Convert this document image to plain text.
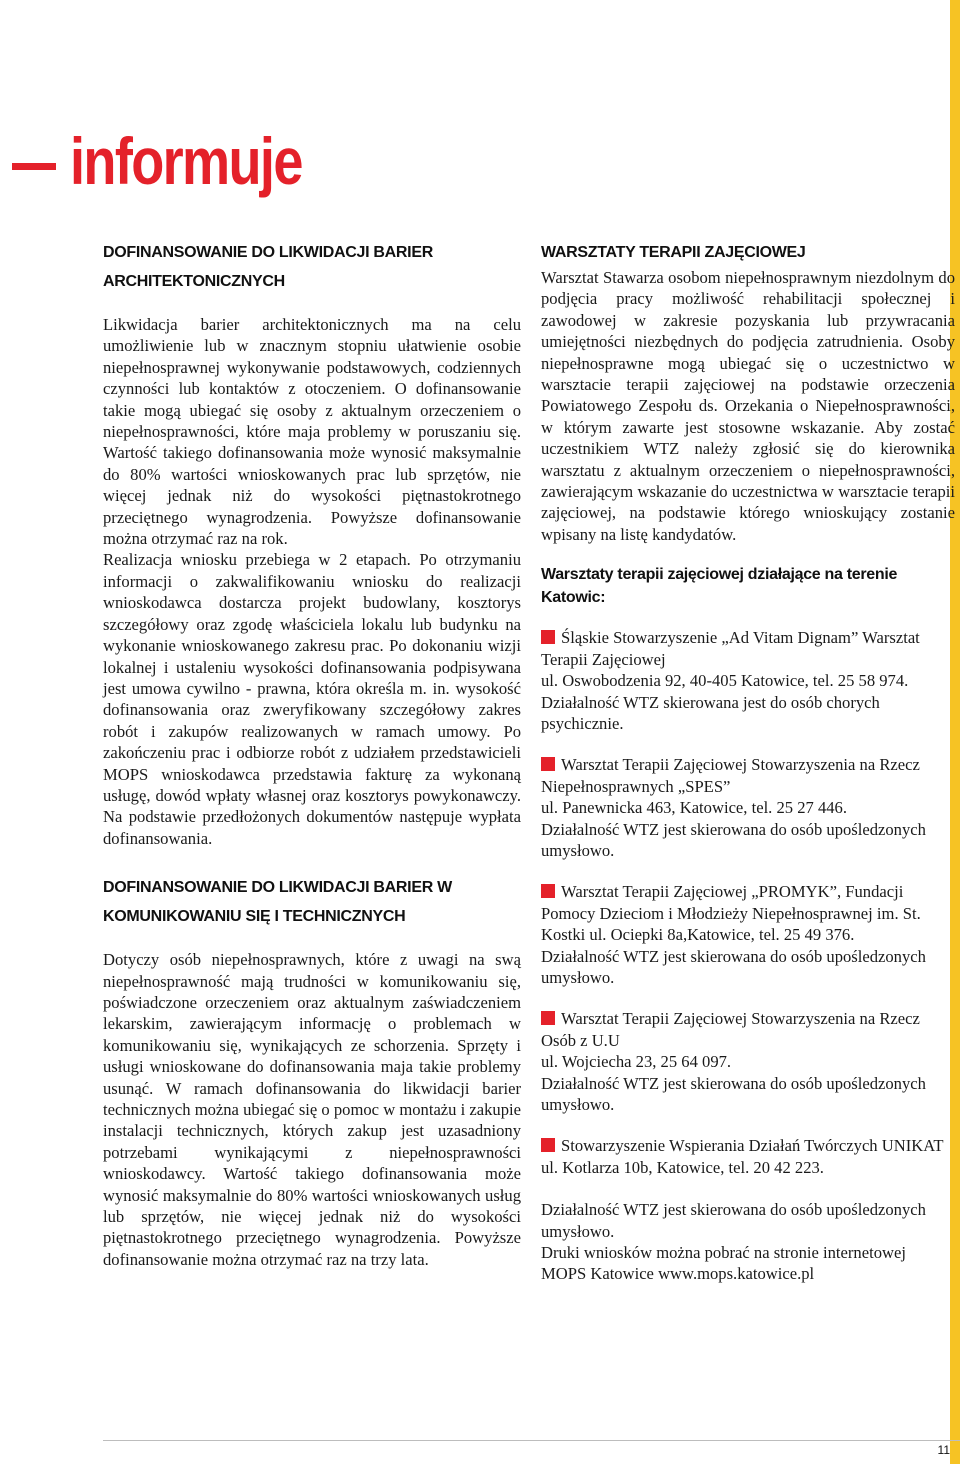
informuje
DOFINANSOWANIE DO LIKWIDACJI BARIER ARCHITEKTONICZNYCH

Likwidacja barier architektonicznych ma na celu umożliwienie lub w znacznym stopniu ułatwienie osobie niepełnosprawnej wykonywanie podstawowych, codziennych czynności lub kontaktów z otoczeniem. O dofinansowanie takie mogą ubiegać się osoby z aktualnym orzeczeniem o niepełnosprawności, które maja problemy w poruszaniu się. Wartość takiego dofinansowania może wynosić maksymalnie do 80% wartości wnioskowanych prac lub sprzętów, nie więcej jednak niż do wysokości piętnastokrotnego przeciętnego wynagrodzenia. Powyższe dofinansowanie można otrzymać raz na rok.

Realizacja wniosku przebiega w 2 etapach. Po otrzymaniu informacji o zakwalifikowaniu wniosku do realizacji wnioskodawca dostarcza projekt budowlany, kosztorys szczegółowy oraz zgodę właściciela lokalu lub budynku na wykonanie wnioskowanego zakresu prac. Po dokonaniu wizji lokalnej i ustaleniu wysokości dofinansowania podpisywana jest umowa cywilno - prawna, która określa m. in. wysokość dofinansowania oraz zweryfikowany szczegółowy zakres robót i zakupów realizowanych w ramach umowy. Po zakończeniu prac i odbiorze robót z udziałem przedstawicieli MOPS wnioskodawca przedstawia fakturę za wykonaną usługę, dowód wpłaty własnej oraz kosztorys powykonawczy. Na podstawie przedłożonych dokumentów następuje wypłata dofinansowania.

DOFINANSOWANIE DO LIKWIDACJI BARIER W KOMUNIKOWANIU SIĘ I TECHNICZNYCH

Dotyczy osób niepełnosprawnych, które z uwagi na swą niepełnosprawność mają trudności w komunikowaniu się, poświadczone orzeczeniem oraz aktualnym zaświadczeniem lekarskim, zawierającym informację o problemach w komunikowaniu się, wynikających ze schorzenia. Sprzęty i usługi wnioskowane do dofinansowania maja takie problemy usunąć. W ramach dofinansowania do likwidacji barier technicznych można ubiegać się o pomoc w montażu i zakupie instalacji technicznych, których zakup jest uzasadniony potrzebami wynikającymi z niepełnosprawności wnioskodawcy. Wartość takiego dofinansowania może wynosić maksymalnie do 80% wartości wnioskowanych usług lub sprzętów, nie więcej jednak niż do wysokości piętnastokrotnego przeciętnego wynagrodzenia. Powyższe dofinansowanie można otrzymać raz na trzy lata.

WARSZTATY TERAPII ZAJĘCIOWEJ

Warsztat Stawarza osobom niepełnosprawnym niezdolnym do podjęcia pracy możliwość rehabilitacji społecznej i zawodowej w zakresie pozyskania lub przywracania umiejętności niezbędnych do podjęcia zatrudnienia. Osoby niepełnosprawne mogą ubiegać się o uczestnictwo w warsztacie terapii zajęciowej na podstawie orzeczenia Powiatowego Zespołu ds. Orzekania o Niepełnosprawności, w którym zawarte jest stosowne wskazanie. Aby zostać uczestnikiem WTZ należy zgłosić się do kierownika warsztatu z aktualnym orzeczeniem o niepełnosprawności, zawierającym wskazanie do uczestnictwa w warsztacie terapii zajęciowej, na podstawie którego wnioskujący zostanie wpisany na listę kandydatów.

Warsztaty terapii zajęciowej działające na terenie Katowic:

Śląskie Stowarzyszenie „Ad Vitam Dignam” Warsztat Terapii Zajęciowej

ul. Oswobodzenia 92, 40-405 Katowice, tel. 25 58 974.

Działalność WTZ skierowana jest do osób chorych psychicznie.

Warsztat Terapii Zajęciowej Stowarzyszenia na Rzecz Niepełnosprawnych „SPES”

ul. Panewnicka 463, Katowice, tel. 25 27 446.

Działalność WTZ jest skierowana do osób upośledzonych umysłowo.

Warsztat Terapii Zajęciowej „PROMYK”, Fundacji Pomocy Dzieciom i Młodzieży Niepełnosprawnej im. St. Kostki ul. Ociepki 8a,Katowice, tel. 25 49 376.

Działalność WTZ jest skierowana do osób upośledzonych umysłowo.

Warsztat Terapii Zajęciowej Stowarzyszenia na Rzecz Osób z U.U

ul. Wojciecha 23, 25 64 097.

Działalność WTZ jest skierowana do osób upośledzonych umysłowo.

Stowarzyszenie Wspierania Działań Twórczych UNIKAT

ul. Kotlarza 10b, Katowice, tel. 20 42 223.

Działalność WTZ jest skierowana do osób upośledzonych umysłowo.

Druki wniosków można pobrać na stronie internetowej MOPS Katowice www.mops.katowice.pl

11
